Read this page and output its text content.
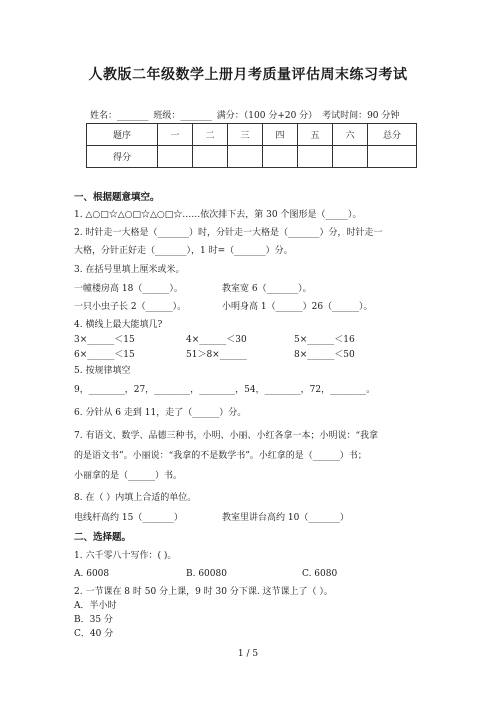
人教版二年级数学上册月考质量评估周末练习考试
姓名：_______ 班级：_______ 满分：（100 分+20 分） 考试时间：90 分钟
题序	一	二	三	四	五	六	总分
得分							
一、根据题意填空。
1. △○□☆△○□☆△○□☆……依次排下去，第 30 个图形是（_____）。
2. 时针走一大格是（_______）时，分针走一大格是（_______）分，时针走一
大格，分针正好走（_______），1 时=（_______）分。
3. 在括号里填上厘米或米。
一幢楼房高 18（______）。	教室宽 6（_______）。
一只小虫子长 2（______）。	小明身高 1（______）26（______）。
4. 横线上最大能填几?
3×______＜15	4×______＜30	5×______＜16
6×______＜15	51＞8×______	8×______＜50
5. 按规律填空
9，________，27，________，________，54，________，72，________。
6. 分针从 6 走到 11，走了（______）分。
7. 有语文、数学、品德三种书，小明、小丽、小红各拿一本；小明说：“我拿
的是语文书”。小丽说：“我拿的不是数学书”。小红拿的是（______）书；
小丽拿的是（______）书。
8. 在（ ）内填上合适的单位。
电线杆高约 15（_______）	教室里讲台高约 10（_______）
二、选择题。
1. 六千零八十写作：( )。
A. 6008	B. 60080	C. 6080
2. 一节课在 8 时 50 分上课，9 时 30 分下课. 这节课上了（ ）。
A．半小时
B．35 分
C．40 分
1 / 5
